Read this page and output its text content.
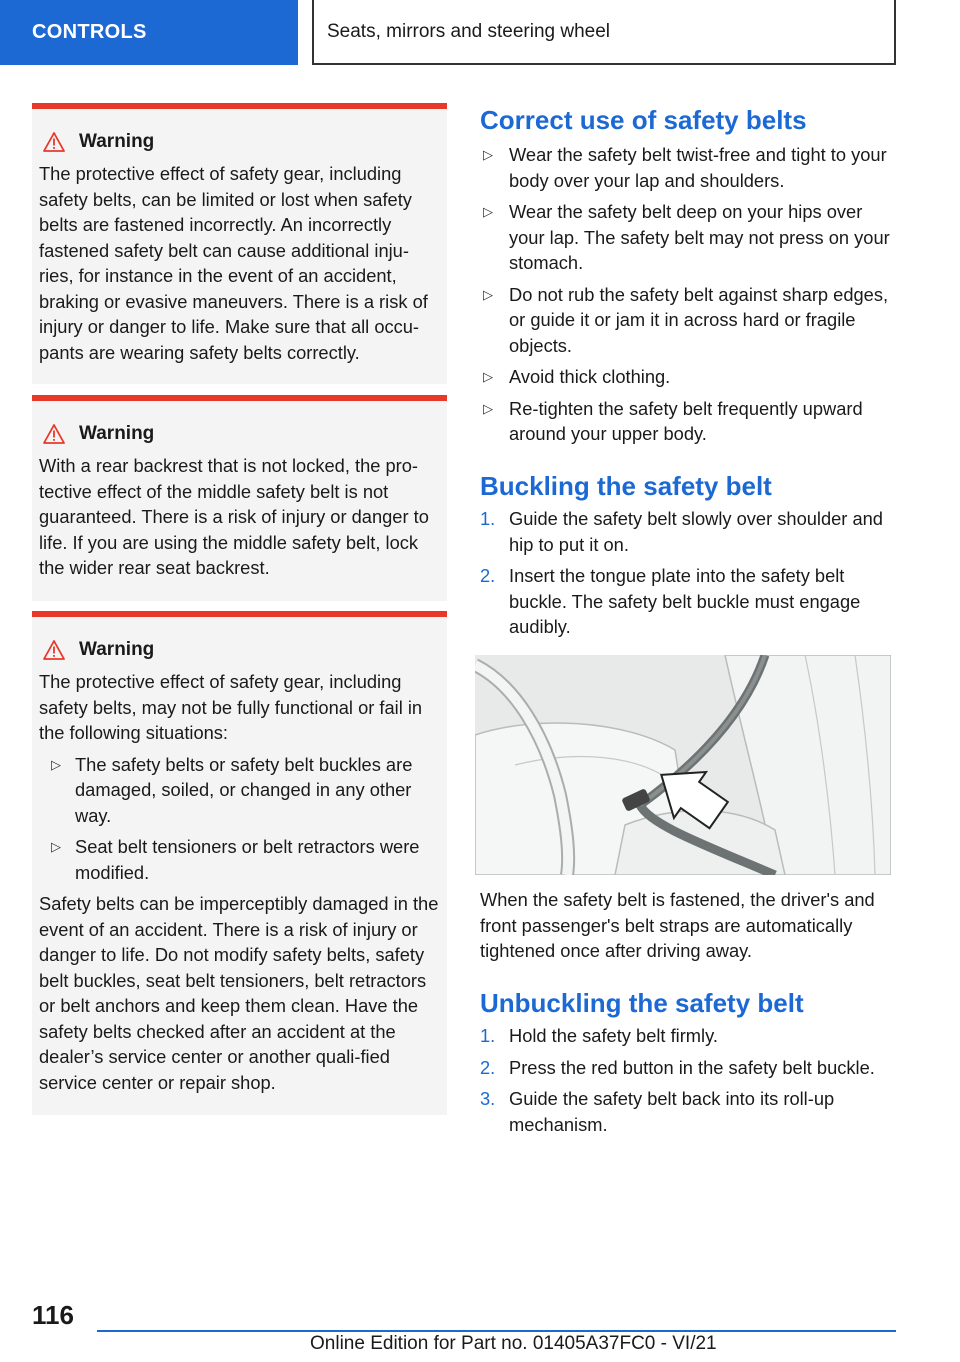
CONTROLS	Seats, mirrors and steering wheel
Warning

The protective effect of safety gear, including safety belts, can be limited or lost when safety belts are fastened incorrectly. An incorrectly fastened safety belt can cause additional inju-ries, for instance in the event of an accident, braking or evasive maneuvers. There is a risk of injury or danger to life. Make sure that all occu-pants are wearing safety belts correctly.

Warning

With a rear backrest that is not locked, the pro-tective effect of the middle safety belt is not guaranteed. There is a risk of injury or danger to life. If you are using the middle safety belt, lock the wider rear seat backrest.

Warning

The protective effect of safety gear, including safety belts, may not be fully functional or fail in the following situations:

▷ The safety belts or safety belt buckles are damaged, soiled, or changed in any other way.
▷ Seat belt tensioners or belt retractors were modified.

Safety belts can be imperceptibly damaged in the event of an accident. There is a risk of injury or danger to life. Do not modify safety belts, safety belt buckles, seat belt tensioners, belt retractors or belt anchors and keep them clean. Have the safety belts checked after an accident at the dealer’s service center or another quali-fied service center or repair shop.

Correct use of safety belts
▷ Wear the safety belt twist-free and tight to your body over your lap and shoulders.
▷ Wear the safety belt deep on your hips over your lap. The safety belt may not press on your stomach.
▷ Do not rub the safety belt against sharp edges, or guide it or jam it in across hard or fragile objects.
▷ Avoid thick clothing.
▷ Re-tighten the safety belt frequently upward around your upper body.
Buckling the safety belt
1. Guide the safety belt slowly over shoulder and hip to put it on.
2. Insert the tongue plate into the safety belt buckle. The safety belt buckle must engage audibly.

When the safety belt is fastened, the driver's and front passenger's belt straps are automatically tightened once after driving away.

Unbuckling the safety belt
1. Hold the safety belt firmly.
2. Press the red button in the safety belt buckle.
3. Guide the safety belt back into its roll-up mechanism.
116
Online Edition for Part no. 01405A37FC0 - VI/21
